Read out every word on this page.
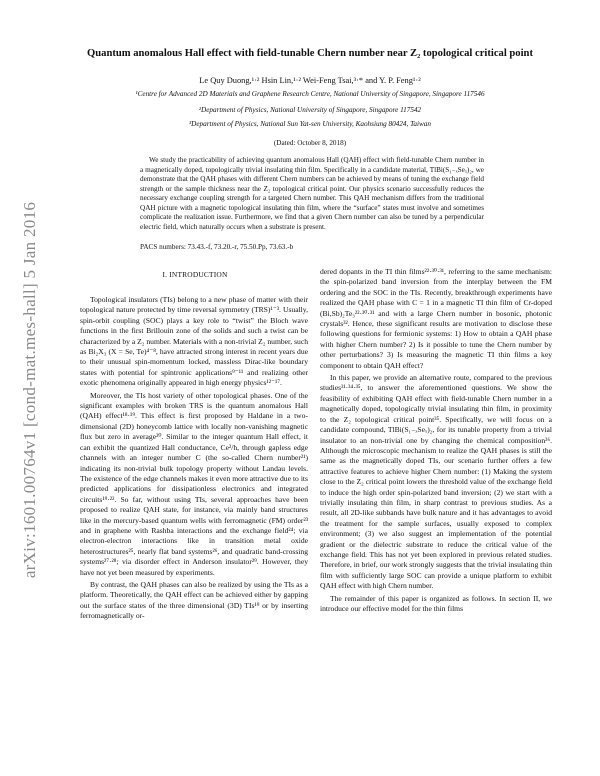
arXiv:1601.00764v1 [cond-mat.mes-hall] 5 Jan 2016
Quantum anomalous Hall effect with field-tunable Chern number near Z₂ topological critical point
Le Quy Duong,¹·² Hsin Lin,¹·² Wei-Feng Tsai,³·* and Y. P. Feng¹·²
¹Centre for Advanced 2D Materials and Graphene Research Centre, National University of Singapore, Singapore 117546
²Department of Physics, National University of Singapore, Singapore 117542
³Department of Physics, National Sun Yat-sen University, Kaohsiung 80424, Taiwan
(Dated: October 8, 2018)
We study the practicability of achieving quantum anomalous Hall (QAH) effect with field-tunable Chern number in a magnetically doped, topologically trivial insulating thin film. Specifically in a candidate material, TlBi(S₁₋ₓSeₓ)₂, we demonstrate that the QAH phases with different Chern numbers can be achieved by means of tuning the exchange field strength or the sample thickness near the Z₂ topological critical point. Our physics scenario successfully reduces the necessary exchange coupling strength for a targeted Chern number. This QAH mechanism differs from the traditional QAH picture with a magnetic topological insulating thin film, where the “surface” states must involve and sometimes complicate the realization issue. Furthermore, we find that a given Chern number can also be tuned by a perpendicular electric field, which naturally occurs when a substrate is present.
PACS numbers: 73.43.-f, 73.20.-r, 75.50.Pp, 73.63.-b
I. INTRODUCTION

Topological insulators (TIs) belong to a new phase of matter with their topological nature protected by time reversal symmetry (TRS)¹⁻³. Usually, spin-orbit coupling (SOC) plays a key role to “twist” the Bloch wave functions in the first Brillouin zone of the solids and such a twist can be characterized by a Z₂ number. Materials with a non-trivial Z₂ number, such as Bi₂X₃ (X = Se, Te)⁴⁻⁸, have attracted strong interest in recent years due to their unusual spin-momentum locked, massless Dirac-like boundary states with potential for spintronic applications⁹⁻¹¹ and realizing other exotic phenomena originally appeared in high energy physics¹²⁻¹⁷.

Moreover, the TIs host variety of other topological phases. One of the significant examples with broken TRS is the quantum anomalous Hall (QAH) effect¹⁸·¹⁹. This effect is first proposed by Haldane in a two-dimensional (2D) honeycomb lattice with locally non-vanishing magnetic flux but zero in average²⁰. Similar to the integer quantum Hall effect, it can exhibit the quantized Hall conductance, Ce²/h, through gapless edge channels with an integer number C (the so-called Chern number²¹) indicating its non-trivial bulk topology property without Landau levels. The existence of the edge channels makes it even more attractive due to its predicted applications for dissipationless electronics and integrated circuits¹⁹·²². So far, without using TIs, several approaches have been proposed to realize QAH state, for instance, via mainly band structures like in the mercury-based quantum wells with ferromagnetic (FM) order²³ and in graphene with Rashba interactions and the exchange field²⁴; via electron-electron interactions like in transition metal oxide heterostructures²⁵, nearly flat band systems²⁶, and quadratic band-crossing systems²⁷·²⁸; via disorder effect in Anderson insulator²⁹. However, they have not yet been measured by experiments.

By contrast, the QAH phases can also be realized by using the TIs as a platform. Theoretically, the QAH effect can be achieved either by gapping out the surface states of the three dimensional (3D) TIs¹⁹ or by inserting ferromagnetically or-

dered dopants in the TI thin films²²·³⁰·³¹, referring to the same mechanism: the spin-polarized band inversion from the interplay between the FM ordering and the SOC in the TIs. Recently, breakthrough experiments have realized the QAH phase with C = 1 in a magnetic TI thin film of Cr-doped (Bi,Sb)₂Te₃²²·³⁰·³¹ and with a large Chern number in bosonic, photonic crystals³². Hence, these significant results are motivation to disclose these following questions for fermionic systems: 1) How to obtain a QAH phase with higher Chern number? 2) Is it possible to tune the Chern number by other perturbations? 3) Is measuring the magnetic TI thin films a key component to obtain QAH effect?

In this paper, we provide an alternative route, compared to the previous studies³¹·³⁴·³⁵, to answer the aforementioned questions. We show the feasibility of exhibiting QAH effect with field-tunable Chern number in a magnetically doped, topologically trivial insulating thin film, in proximity to the Z₂ topological critical point³⁵. Specifically, we will focus on a candidate compound, TlBi(S₁₋ₓSeₓ)₂, for its tunable property from a trivial insulator to an non-trivial one by changing the chemical composition³⁶. Although the microscopic mechanism to realize the QAH phases is still the same as the magnetically doped TIs, our scenario further offers a few attractive features to achieve higher Chern number: (1) Making the system close to the Z₂ critical point lowers the threshold value of the exchange field to induce the high order spin-polarized band inversion; (2) we start with a trivially insulating thin film, in sharp contrast to previous studies. As a result, all 2D-like subbands have bulk nature and it has advantages to avoid the treatment for the sample surfaces, usually exposed to complex environment; (3) we also suggest an implementation of the potential gradient or the dielectric substrate to reduce the critical value of the exchange field. This has not yet been explored in previous related studies. Therefore, in brief, our work strongly suggests that the trivial insulating thin film with sufficiently large SOC can provide a unique platform to exhibit QAH effect with high Chern number.

The remainder of this paper is organized as follows. In section II, we introduce our effective model for the thin films
